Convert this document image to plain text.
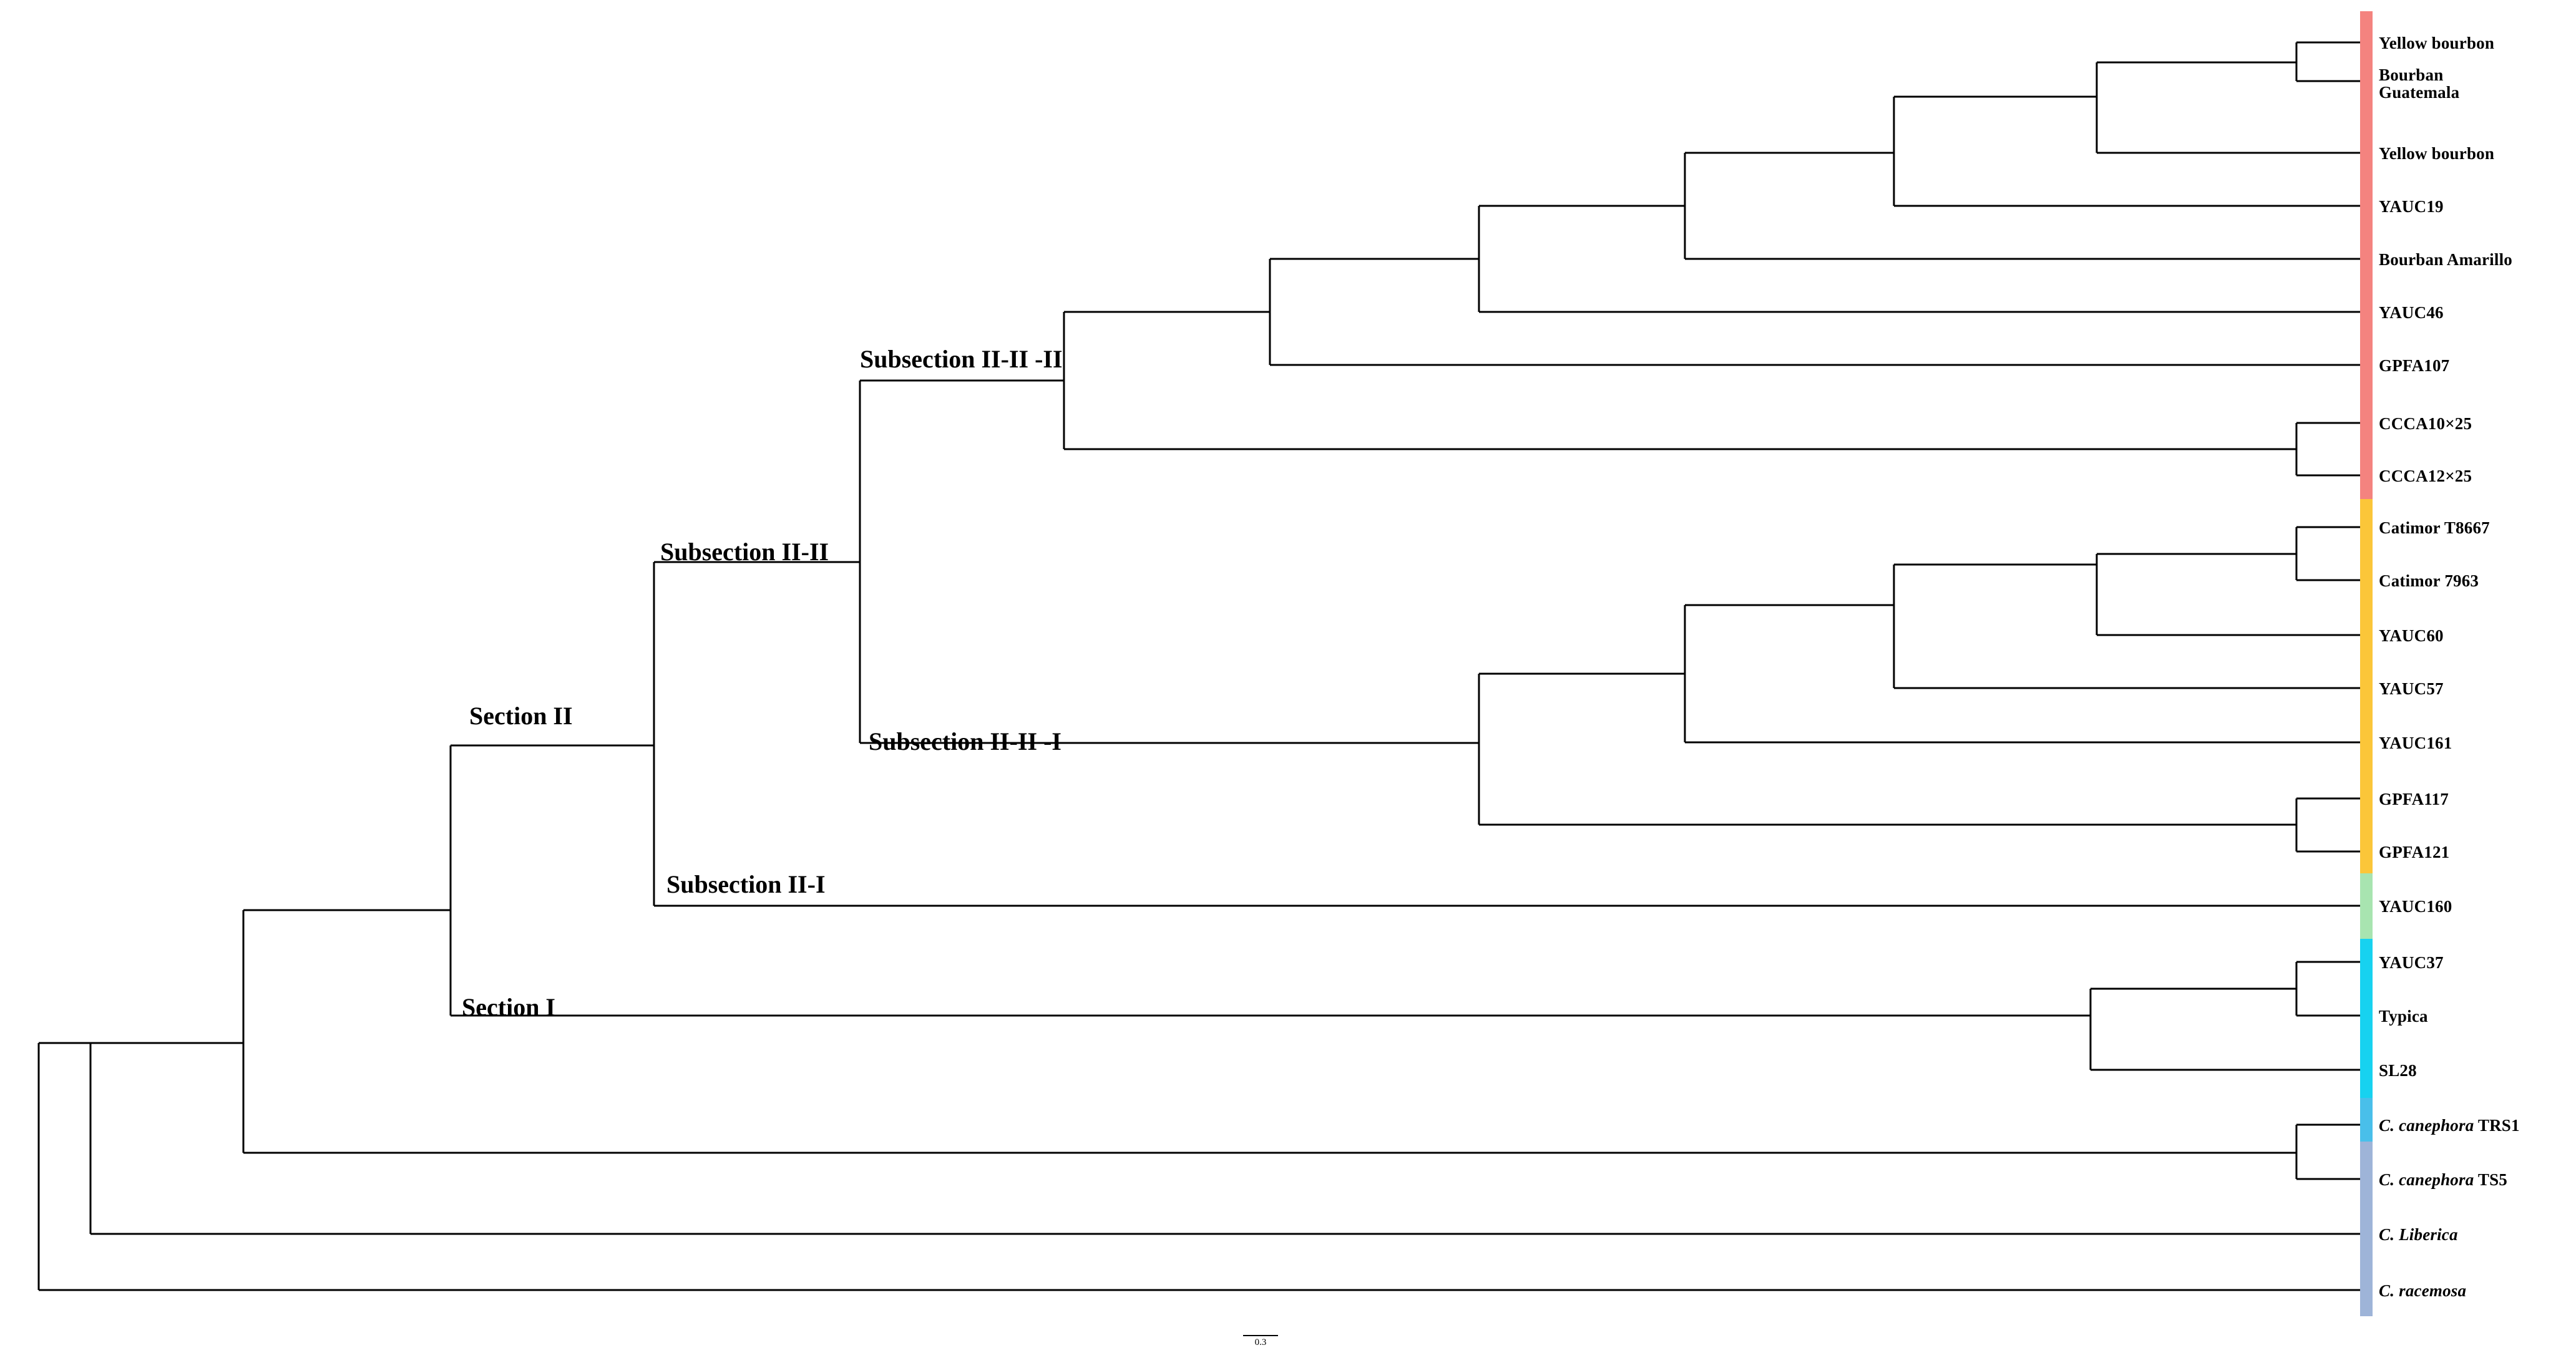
Yellow bourbon
Bourban
Guatemala
Yellow bourbon
YAUC19
Bourban Amarillo
YAUC46
GPFA107
CCCA10×25
CCCA12×25
Catimor T8667
Catimor 7963
YAUC60
YAUC57
YAUC161
GPFA117
GPFA121
YAUC160
YAUC37
Typica
SL28
C. canephora TRS1
C. canephora TS5
C. Liberica
C. racemosa
Section II
Section I
Subsection II-I
Subsection II-II
Subsection II-II -I
Subsection II-II -II
0.3
